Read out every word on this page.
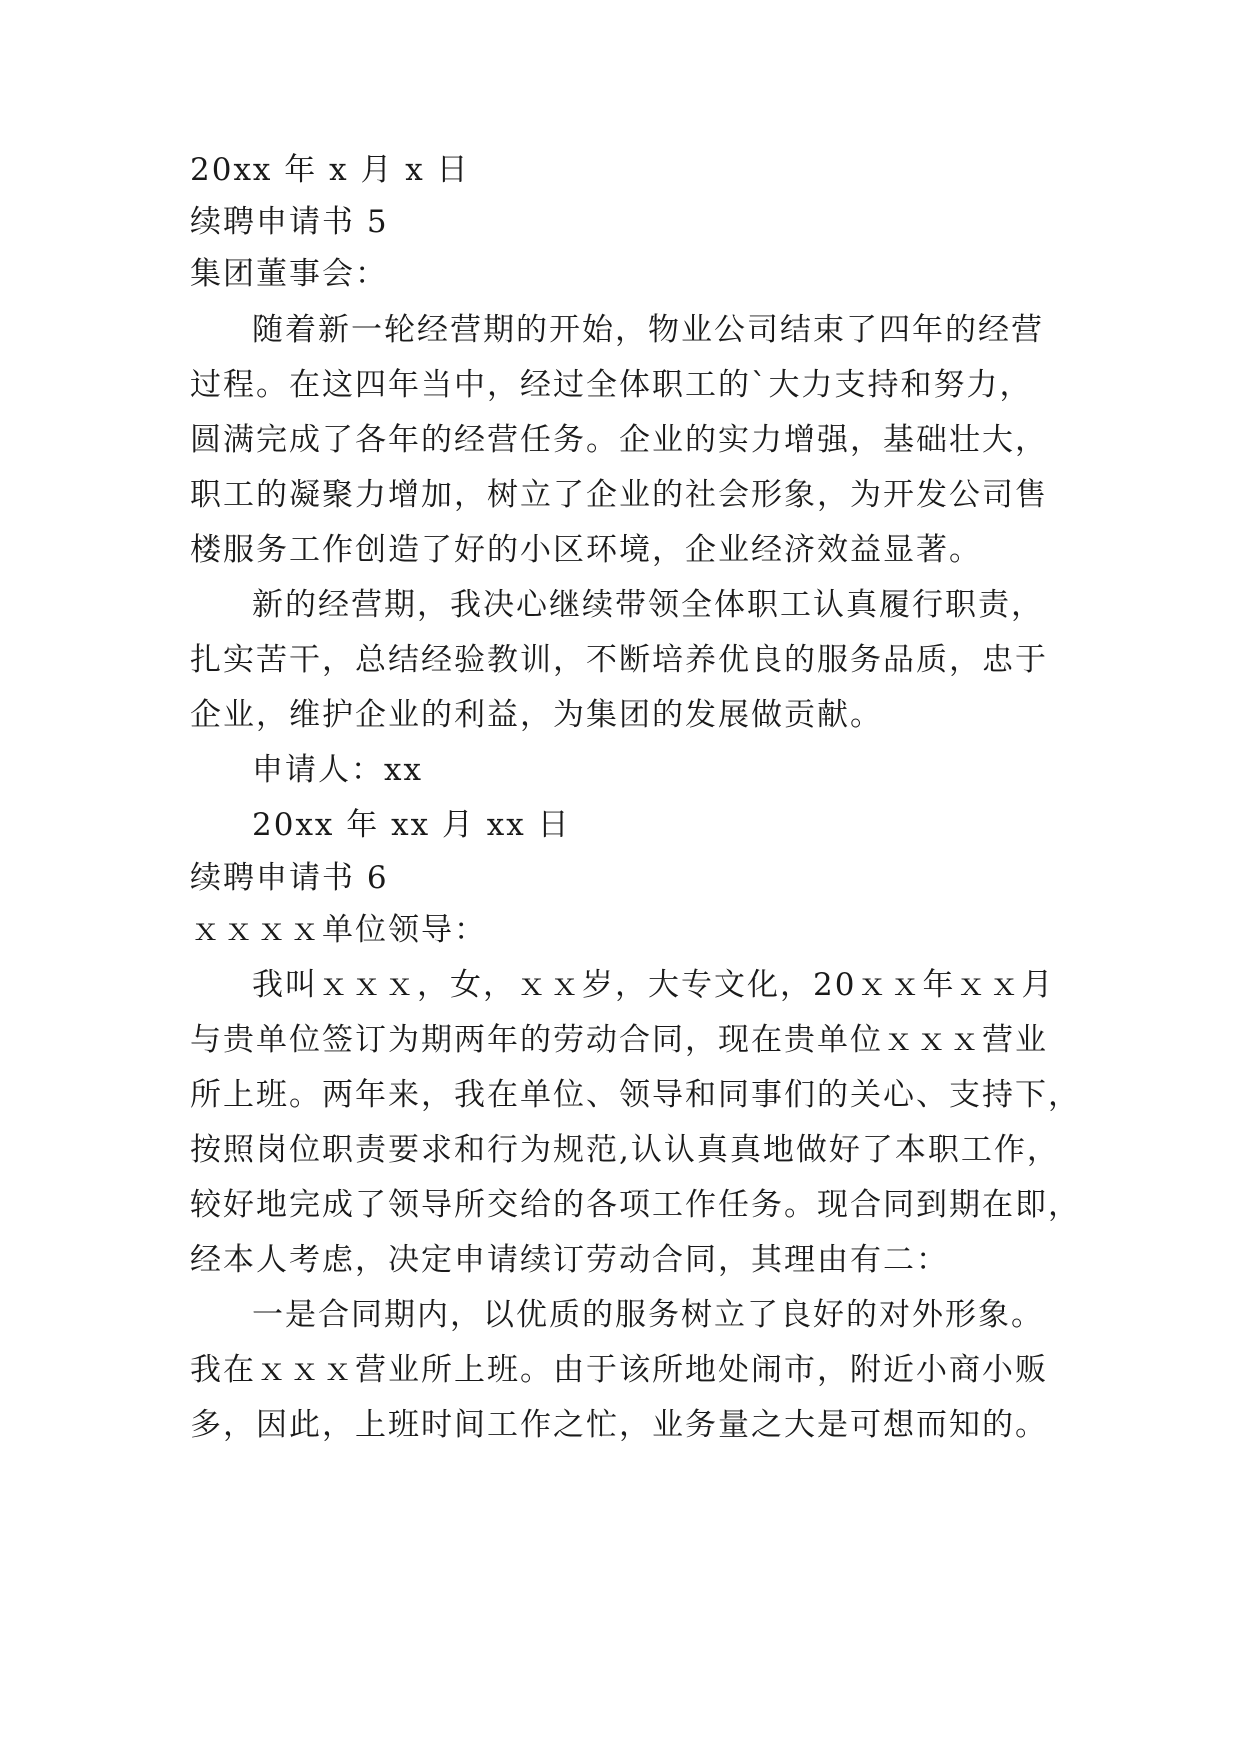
20xx 年 x 月 x 日
续聘申请书 5
集团董事会：
随着新一轮经营期的开始，物业公司结束了四年的经营
过程。在这四年当中，经过全体职工的`大力支持和努力，
圆满完成了各年的经营任务。企业的实力增强，基础壮大，
职工的凝聚力增加，树立了企业的社会形象，为开发公司售
楼服务工作创造了好的小区环境，企业经济效益显著。
新的经营期，我决心继续带领全体职工认真履行职责，
扎实苦干，总结经验教训，不断培养优良的服务品质，忠于
企业，维护企业的利益，为集团的发展做贡献。
申请人：xx
20xx 年 xx 月 xx 日
续聘申请书 6
ｘｘｘｘ单位领导：
我叫ｘｘｘ，女，ｘｘ岁，大专文化，20ｘｘ年ｘｘ月
与贵单位签订为期两年的劳动合同，现在贵单位ｘｘｘ营业
所上班。两年来，我在单位、领导和同事们的关心、支持下，
按照岗位职责要求和行为规范,认认真真地做好了本职工作，
较好地完成了领导所交给的各项工作任务。现合同到期在即，
经本人考虑，决定申请续订劳动合同，其理由有二：
一是合同期内，以优质的服务树立了良好的对外形象。
我在ｘｘｘ营业所上班。由于该所地处闹市，附近小商小贩
多，因此，上班时间工作之忙，业务量之大是可想而知的。
